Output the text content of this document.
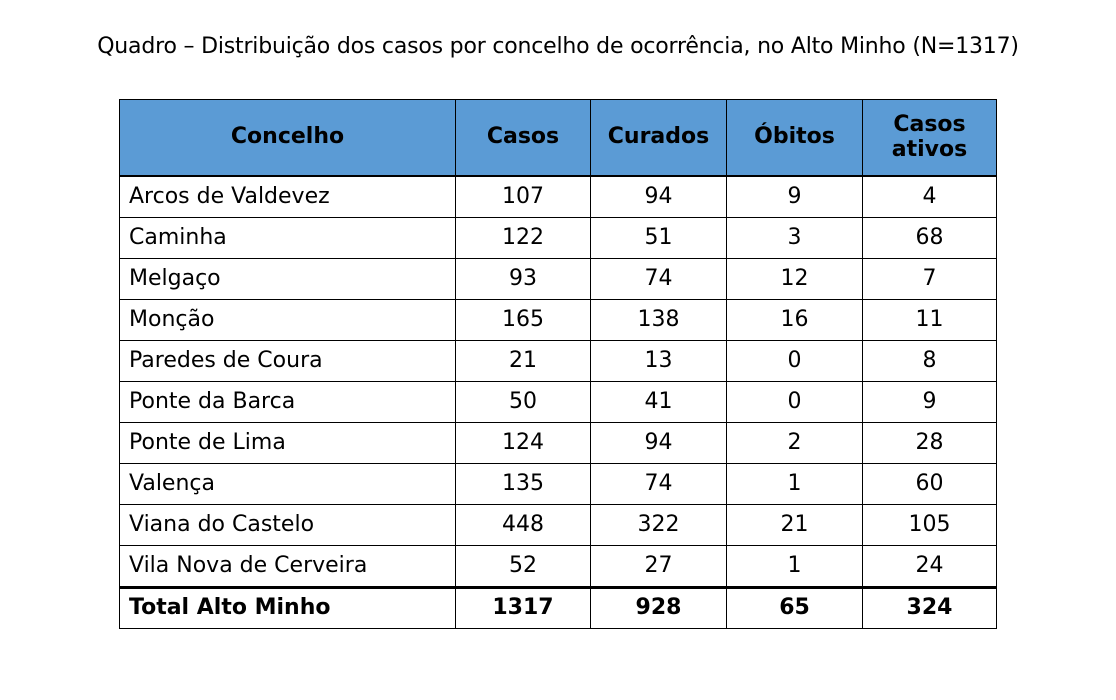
Quadro – Distribuição dos casos por concelho de ocorrência, no Alto Minho (N=1317)
Concelho	Casos	Curados	Óbitos	Casos ativos
Arcos de Valdevez	107	94	9	4
Caminha	122	51	3	68
Melgaço	93	74	12	7
Monção	165	138	16	11
Paredes de Coura	21	13	0	8
Ponte da Barca	50	41	0	9
Ponte de Lima	124	94	2	28
Valença	135	74	1	60
Viana do Castelo	448	322	21	105
Vila Nova de Cerveira	52	27	1	24
Total Alto Minho	1317	928	65	324
